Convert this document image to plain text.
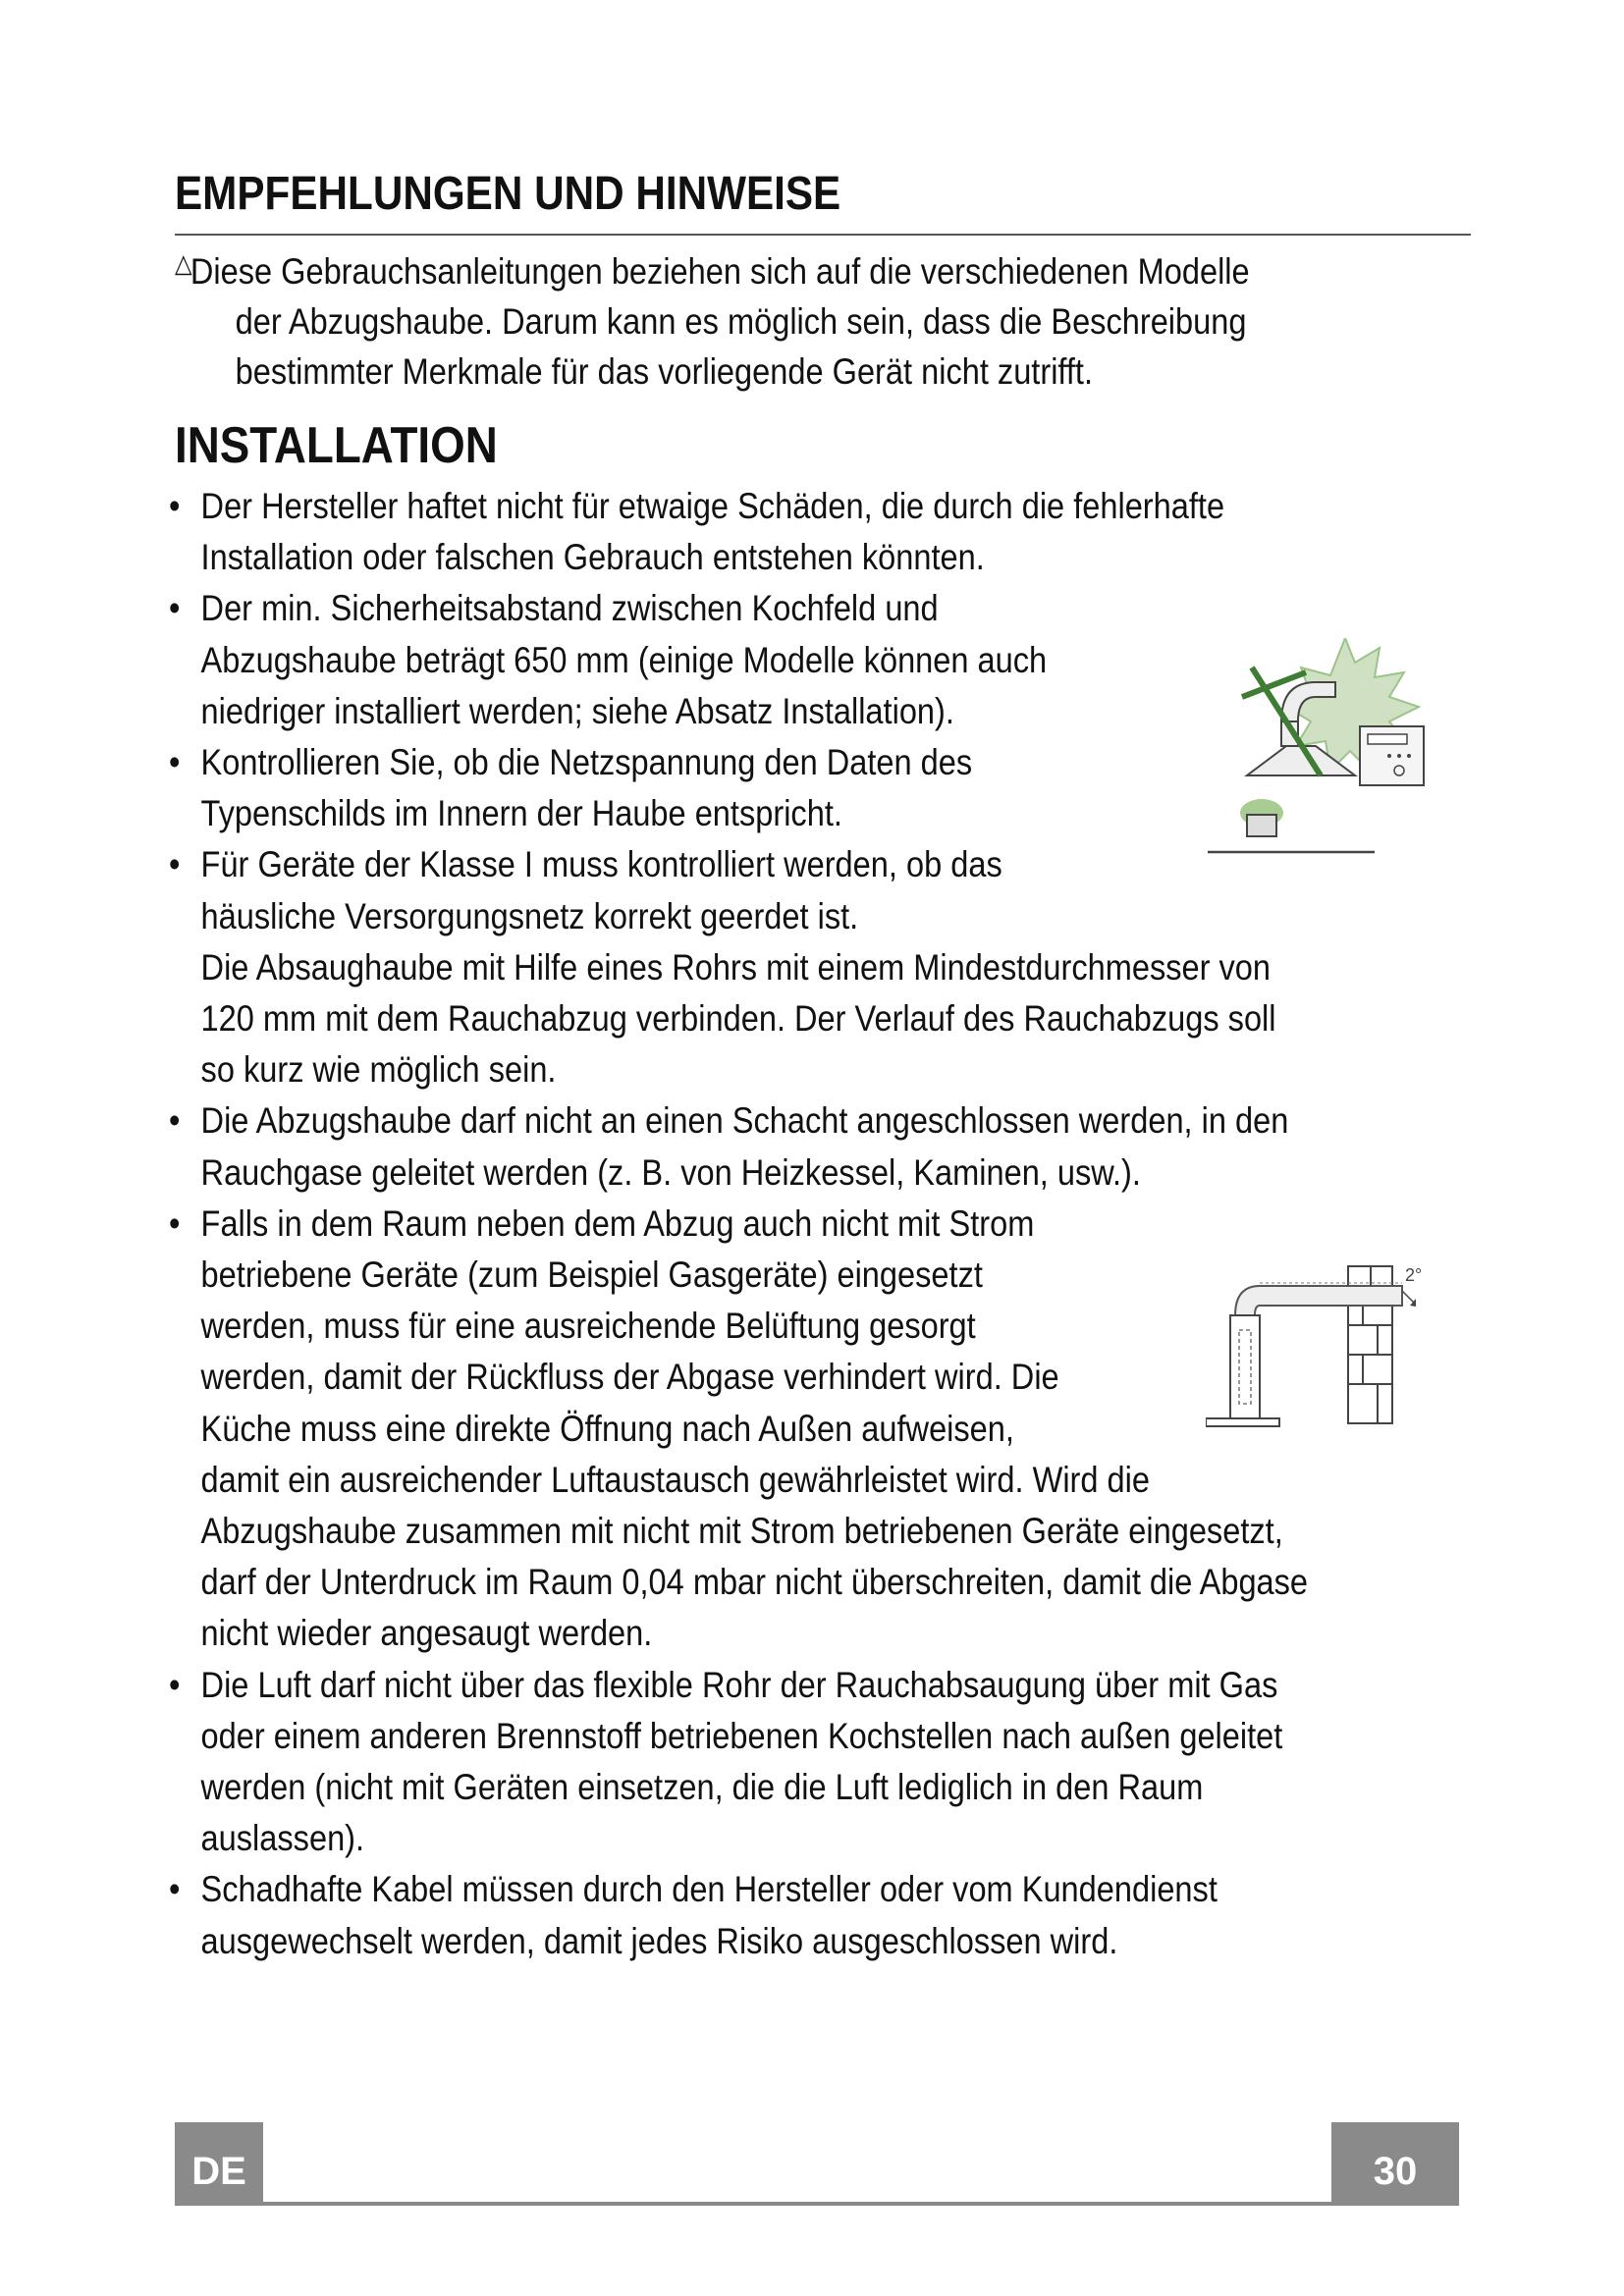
EMPFEHLUNGEN UND HINWEISE
△Diese Gebrauchsanleitungen beziehen sich auf die verschiedenen Modelle
der Abzugshaube. Darum kann es möglich sein, dass die Beschreibung
bestimmter Merkmale für das vorliegende Gerät nicht zutrifft.
INSTALLATION
• Der Hersteller haftet nicht für etwaige Schäden, die durch die fehlerhafte
Installation oder falschen Gebrauch entstehen könnten.
• Der min. Sicherheitsabstand zwischen Kochfeld und
Abzugshaube beträgt 650 mm (einige Modelle können auch
niedriger installiert werden; siehe Absatz Installation).
• Kontrollieren Sie, ob die Netzspannung den Daten des
Typenschilds im Innern der Haube entspricht.
• Für Geräte der Klasse I muss kontrolliert werden, ob das
häusliche Versorgungsnetz korrekt geerdet ist.
Die Absaughaube mit Hilfe eines Rohrs mit einem Mindestdurchmesser von
120 mm mit dem Rauchabzug verbinden. Der Verlauf des Rauchabzugs soll
so kurz wie möglich sein.
• Die Abzugshaube darf nicht an einen Schacht angeschlossen werden, in den
Rauchgase geleitet werden (z. B. von Heizkessel, Kaminen, usw.).
• Falls in dem Raum neben dem Abzug auch nicht mit Strom
betriebene Geräte (zum Beispiel Gasgeräte) eingesetzt
werden, muss für eine ausreichende Belüftung gesorgt
werden, damit der Rückfluss der Abgase verhindert wird. Die
Küche muss eine direkte Öffnung nach Außen aufweisen,
damit ein ausreichender Luftaustausch gewährleistet wird. Wird die
Abzugshaube zusammen mit nicht mit Strom betriebenen Geräte eingesetzt,
darf der Unterdruck im Raum 0,04 mbar nicht überschreiten, damit die Abgase
nicht wieder angesaugt werden.
• Die Luft darf nicht über das flexible Rohr der Rauchabsaugung über mit Gas
oder einem anderen Brennstoff betriebenen Kochstellen nach außen geleitet
werden (nicht mit Geräten einsetzen, die die Luft lediglich in den Raum
auslassen).
• Schadhafte Kabel müssen durch den Hersteller oder vom Kundendienst
ausgewechselt werden, damit jedes Risiko ausgeschlossen wird.
2°
DE	30
